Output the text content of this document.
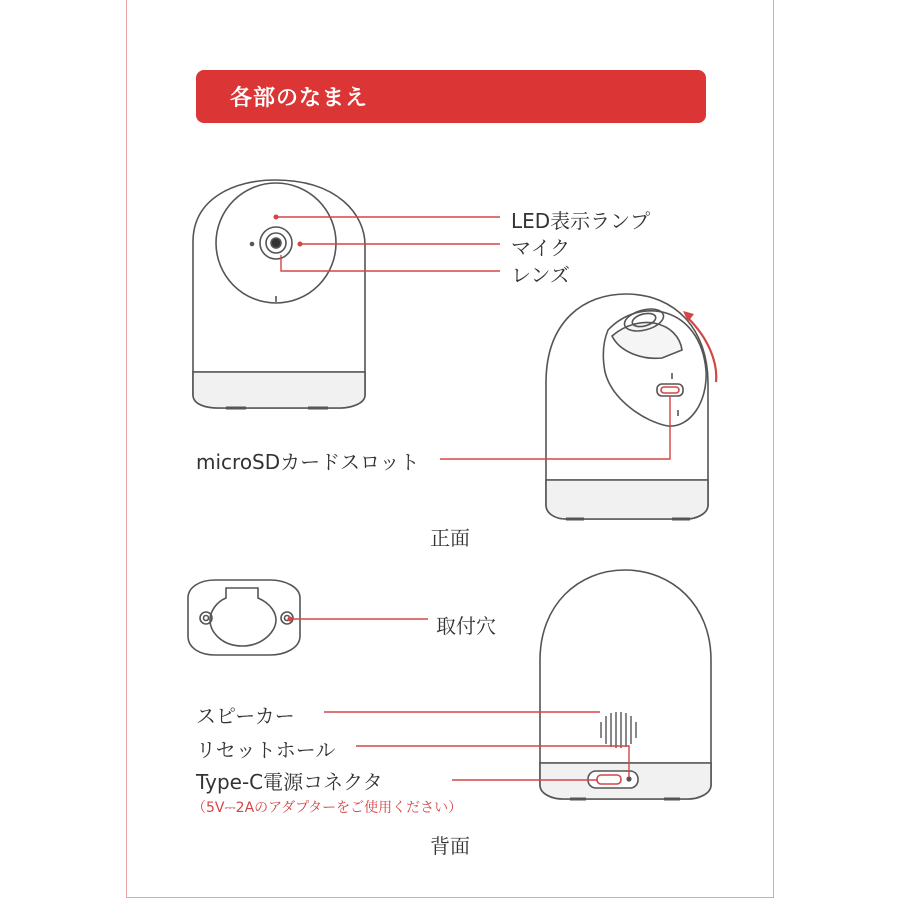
各部のなまえ
LED表示ランプ
マイク
レンズ
microSDカードスロット
正面
取付穴
スピーカー
リセットホール
Type-C電源コネクタ
（5V⎓2Aのアダプターをご使用ください）
背面
